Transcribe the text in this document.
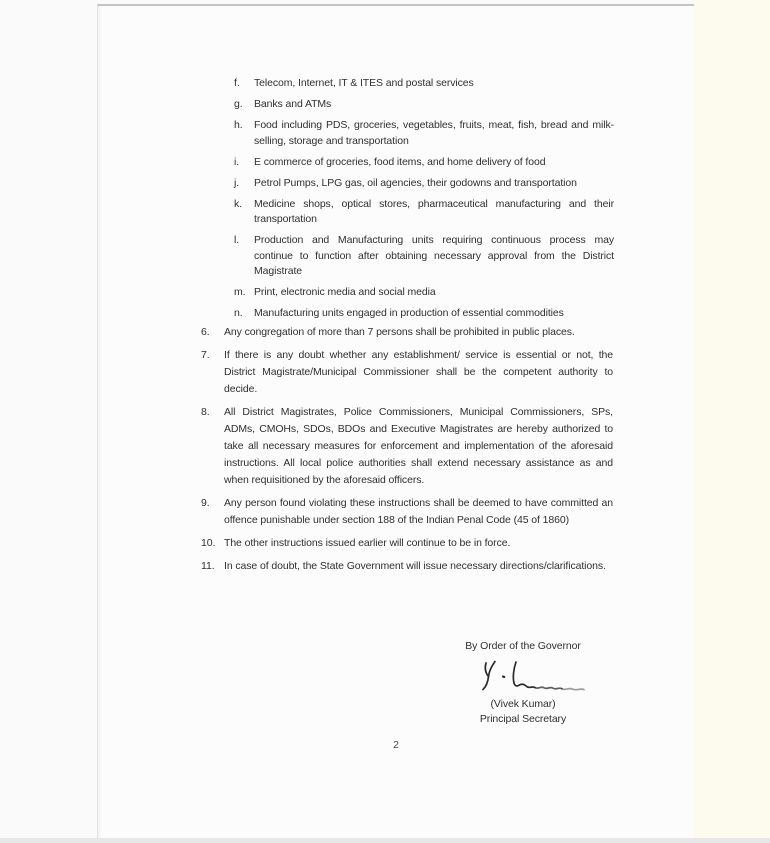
f.	Telecom, Internet, IT & ITES and postal services
g.	Banks and ATMs
h.	Food including PDS, groceries, vegetables, fruits, meat, fish, bread and milk- selling, storage and transportation
i.	E commerce of groceries, food items, and home delivery of food
j.	Petrol Pumps, LPG gas, oil agencies, their godowns and transportation
k.	Medicine shops, optical stores, pharmaceutical manufacturing and their transportation
l.	Production and Manufacturing units requiring continuous process may continue to function after obtaining necessary approval from the District Magistrate
m. Print, electronic media and social media
n.	Manufacturing units engaged in production of essential commodities
6.	Any congregation of more than 7 persons shall be prohibited in public places.
7.	If there is any doubt whether any establishment/ service is essential or not, the District Magistrate/Municipal Commissioner shall be the competent authority to decide.
8.	All District Magistrates, Police Commissioners, Municipal Commissioners, SPs, ADMs, CMOHs, SDOs, BDOs and Executive Magistrates are hereby authorized to take all necessary measures for enforcement and implementation of the aforesaid instructions. All local police authorities shall extend necessary assistance as and when requisitioned by the aforesaid officers.
9.	Any person found violating these instructions shall be deemed to have committed an offence punishable under section 188 of the Indian Penal Code (45 of 1860)
10. The other instructions issued earlier will continue to be in force.
11. In case of doubt, the State Government will issue necessary directions/clarifications.
By Order of the Governor
(Vivek Kumar)
Principal Secretary
2
